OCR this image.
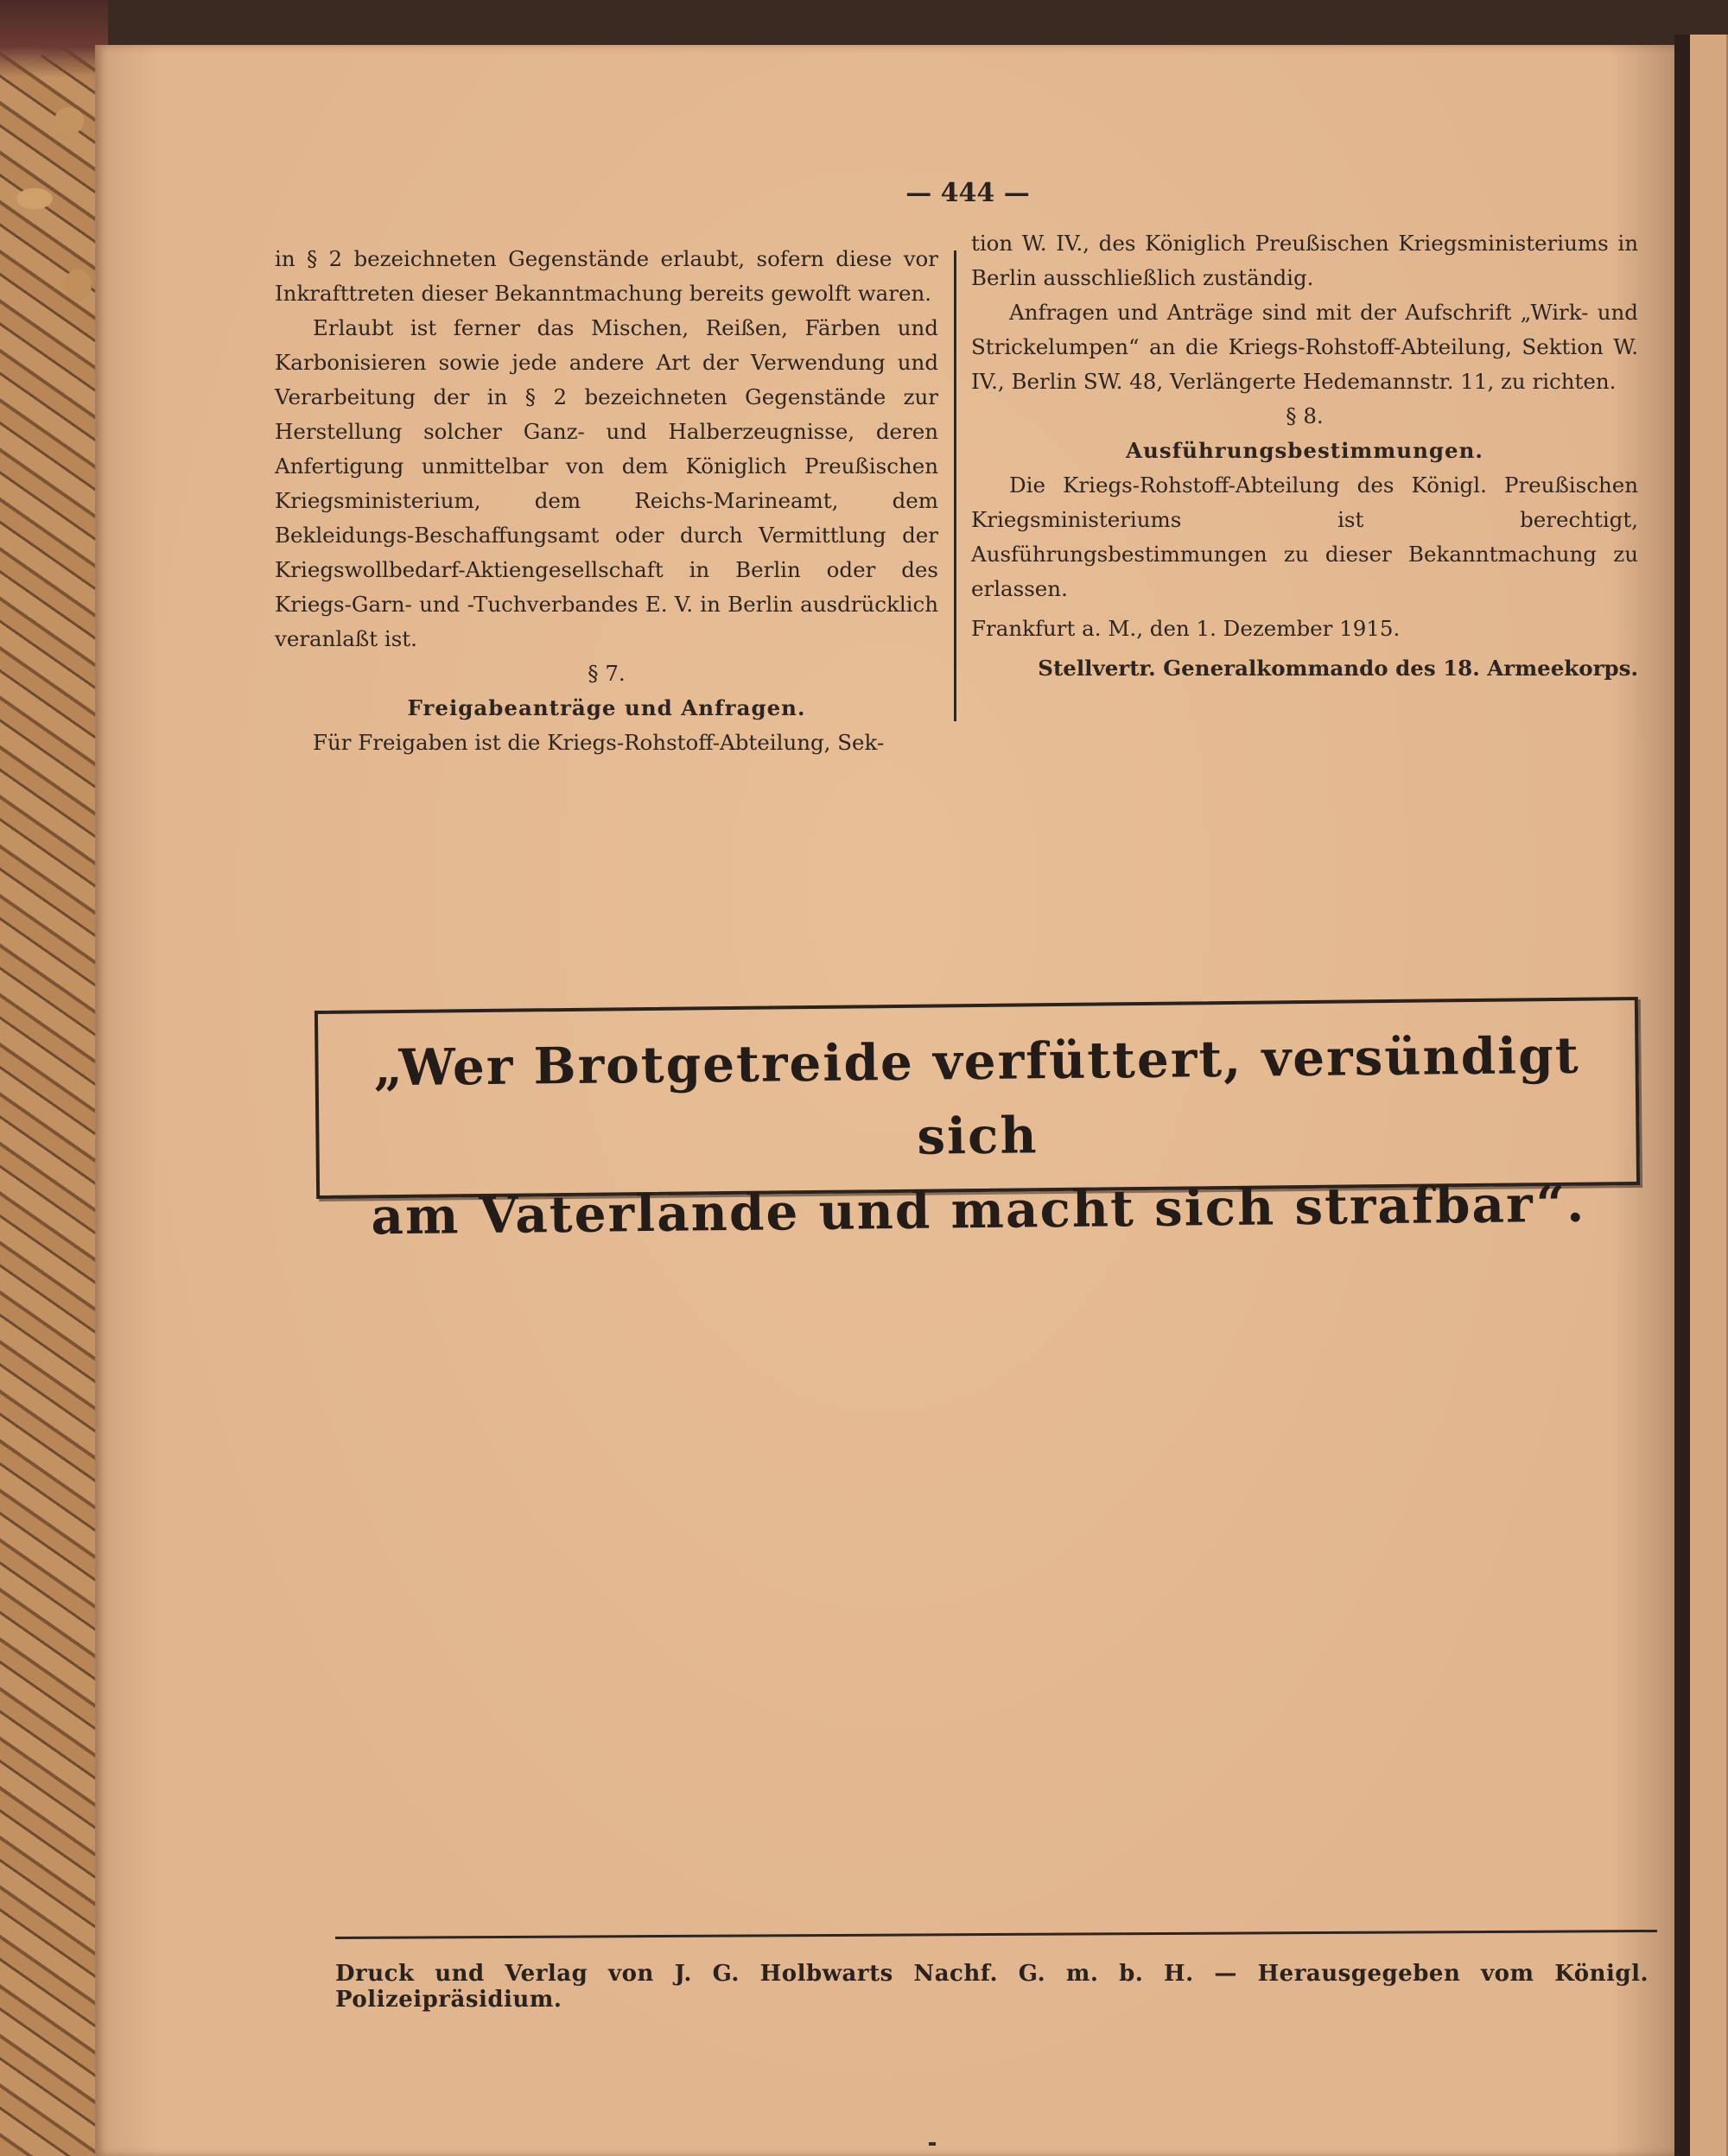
— 444 —

in § 2 bezeichneten Gegenstände erlaubt, sofern diese vor Inkrafttreten dieser Bekanntmachung bereits gewolft waren.

Erlaubt ist ferner das Mischen, Reißen, Färben und Karbonisieren sowie jede andere Art der Verwendung und Verarbeitung der in § 2 bezeichneten Gegenstände zur Herstellung solcher Ganz- und Halberzeugnisse, deren Anfertigung unmittelbar von dem Königlich Preußischen Kriegsministerium, dem Reichs-Marineamt, dem Bekleidungs-Beschaffungsamt oder durch Vermittlung der Kriegswollbedarf-Aktiengesellschaft in Berlin oder des Kriegs-Garn- und -Tuchverbandes E. V. in Berlin ausdrücklich veranlaßt ist.

§ 7.

Freigabeanträge und Anfragen.

Für Freigaben ist die Kriegs-Rohstoff-Abteilung, Sek-

tion W. IV., des Königlich Preußischen Kriegsministeriums in Berlin ausschließlich zuständig.

Anfragen und Anträge sind mit der Aufschrift „Wirk- und Strickelumpen“ an die Kriegs-Rohstoff-Abteilung, Sektion W. IV., Berlin SW. 48, Verlängerte Hedemannstr. 11, zu richten.

§ 8.

Ausführungsbestimmungen.

Die Kriegs-Rohstoff-Abteilung des Königl. Preußischen Kriegsministeriums ist berechtigt, Ausführungsbestimmungen zu dieser Bekanntmachung zu erlassen.

Frankfurt a. M., den 1. Dezember 1915.

Stellvertr. Generalkommando des 18. Armeekorps.

„Wer Brotgetreide verfüttert, versündigt sich
am Vaterlande und macht sich strafbar“.
Druck und Verlag von J. G. Holbwarts Nachf. G. m. b. H. — Herausgegeben vom Königl. Polizeipräsidium.
